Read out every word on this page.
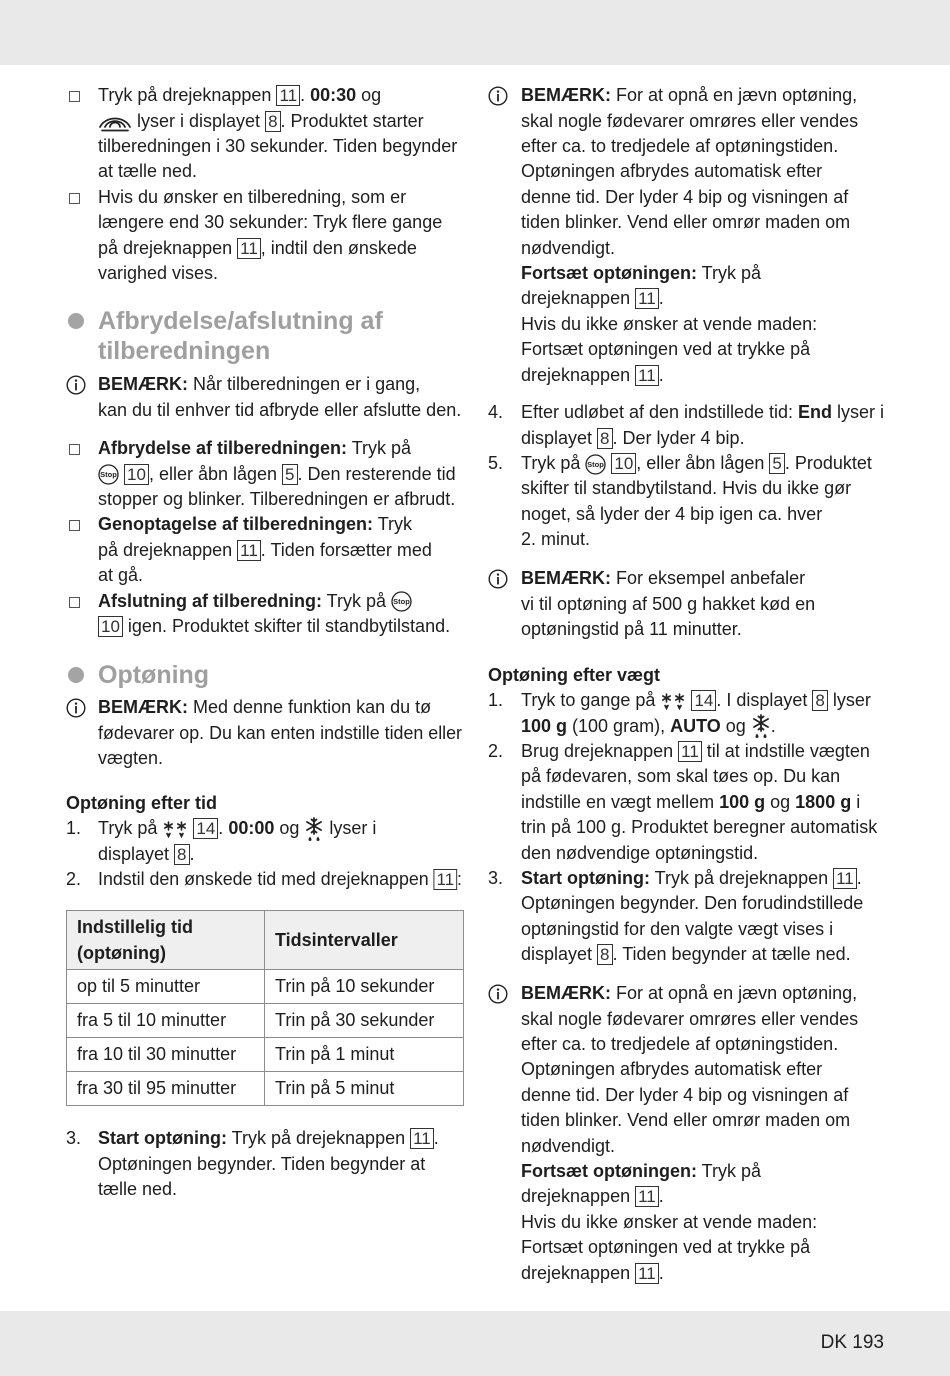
Tryk på drejeknappen 11 . 00:30 og
lyser i displayet 8 . Produktet starter
tilberedningen i 30 sekunder. Tiden begynder
at tælle ned.
Hvis du ønsker en tilberedning, som er
længere end 30 sekunder: Tryk flere gange
på drejeknappen 11 , indtil den ønskede
varighed vises.
Afbrydelse/afslutning af
tilberedningen
BEMÆRK: Når tilberedningen er i gang,
kan du til enhver tid afbryde eller afslutte den.
Afbrydelse af tilberedningen: Tryk på
Stop 10 , eller åbn lågen 5 . Den resterende tid
stopper og blinker. Tilberedningen er afbrudt.
Genoptagelse af tilberedningen: Tryk
på drejeknappen 11 . Tiden forsætter med
at gå.
Afslutning af tilberedning: Tryk på Stop
10 igen. Produktet skifter til standbytilstand.
Optøning
BEMÆRK: Med denne funktion kan du tø
fødevarer op. Du kan enten indstille tiden eller
vægten.
Optøning efter tid
1. Tryk på
14 . 00:00 og
lyser i
displayet 8 .
2. Indstil den ønskede tid med drejeknappen 11 :
Indstillelig tid (optøning)	Tidsintervaller
op til 5 minutter	Trin på 10 sekunder
fra 5 til 10 minutter	Trin på 30 sekunder
fra 10 til 30 minutter	Trin på 1 minut
fra 30 til 95 minutter	Trin på 5 minut
3. Start optøning: Tryk på drejeknappen 11 .
Optøningen begynder. Tiden begynder at
tælle ned.
BEMÆRK: For at opnå en jævn optøning,
skal nogle fødevarer omrøres eller vendes
efter ca. to tredjedele af optøningstiden.
Optøningen afbrydes automatisk efter
denne tid. Der lyder 4 bip og visningen af
tiden blinker. Vend eller omrør maden om
nødvendigt.
Fortsæt optøningen: Tryk på
drejeknappen 11 .
Hvis du ikke ønsker at vende maden:
Fortsæt optøningen ved at trykke på
drejeknappen 11 .
4. Efter udløbet af den indstillede tid: End lyser i
displayet 8 . Der lyder 4 bip.
5. Tryk på Stop 10 , eller åbn lågen 5 . Produktet
skifter til standbytilstand. Hvis du ikke gør
noget, så lyder der 4 bip igen ca. hver
2. minut.
BEMÆRK: For eksempel anbefaler
vi til optøning af 500 g hakket kød en
optøningstid på 11 minutter.
Optøning efter vægt
1. Tryk to gange på
14 . I displayet 8 lyser
100 g (100 gram), AUTO og
.
2. Brug drejeknappen 11 til at indstille vægten
på fødevaren, som skal tøes op. Du kan
indstille en vægt mellem 100 g og 1800 g i
trin på 100 g. Produktet beregner automatisk
den nødvendige optøningstid.
3. Start optøning: Tryk på drejeknappen 11 .
Optøningen begynder. Den forudindstillede
optøningstid for den valgte vægt vises i
displayet 8 . Tiden begynder at tælle ned.
BEMÆRK: For at opnå en jævn optøning,
skal nogle fødevarer omrøres eller vendes
efter ca. to tredjedele af optøningstiden.
Optøningen afbrydes automatisk efter
denne tid. Der lyder 4 bip og visningen af
tiden blinker. Vend eller omrør maden om
nødvendigt.
Fortsæt optøningen: Tryk på
drejeknappen 11 .
Hvis du ikke ønsker at vende maden:
Fortsæt optøningen ved at trykke på
drejeknappen 11 .
DK 193
